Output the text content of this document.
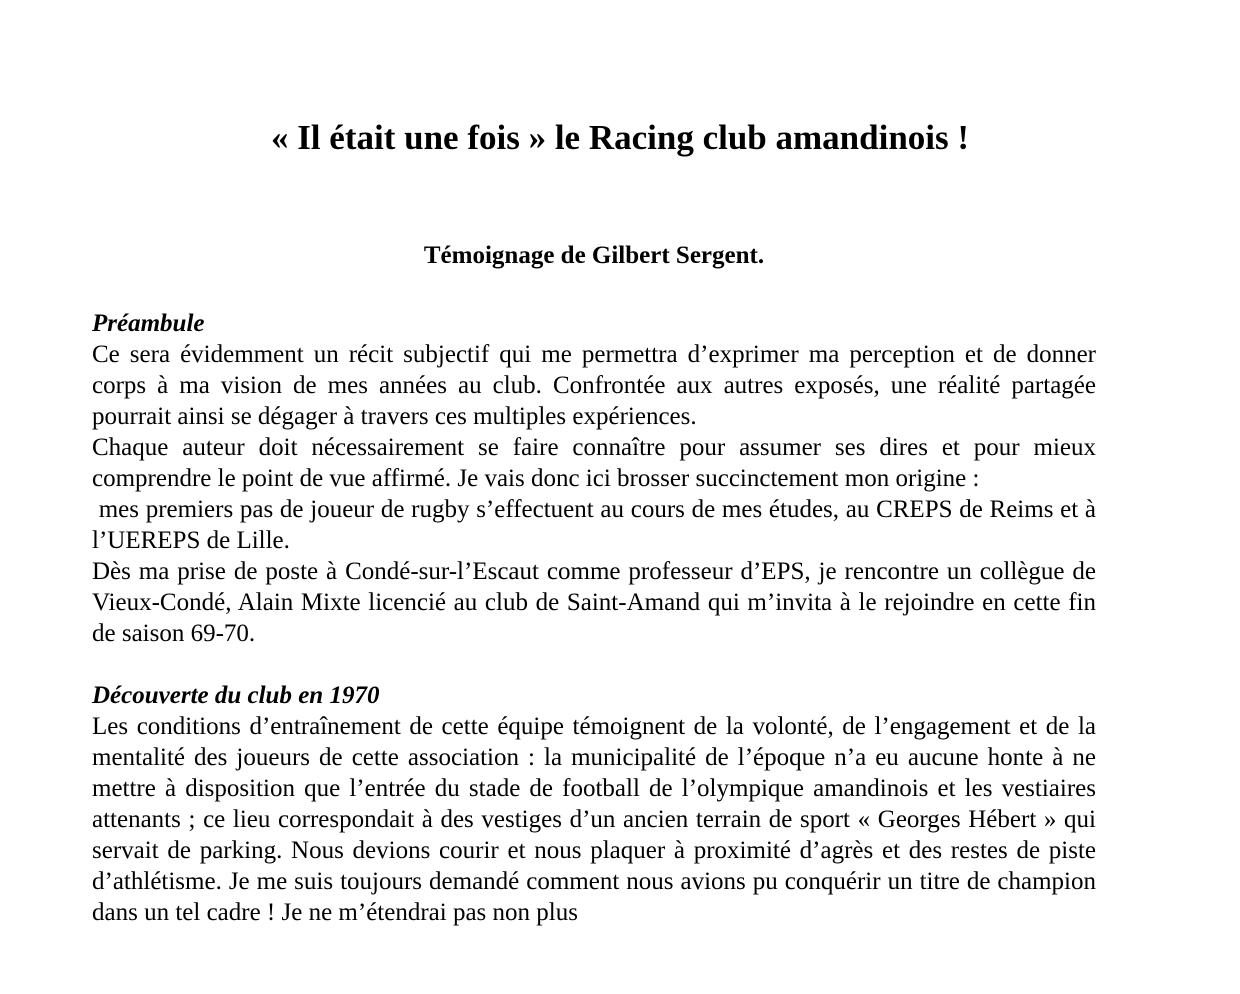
« Il était une fois » le Racing club amandinois !

Témoignage de Gilbert Sergent.

Préambule

Ce sera évidemment un récit subjectif qui me permettra d’exprimer ma perception et de donner corps à ma vision de mes années au club. Confrontée aux autres exposés, une réalité partagée pourrait ainsi se dégager à travers ces multiples expériences.

Chaque auteur doit nécessairement se faire connaître pour assumer ses dires et pour mieux comprendre le point de vue affirmé. Je vais donc ici brosser succinctement mon origine :

mes premiers pas de joueur de rugby s’effectuent au cours de mes études, au CREPS de Reims et à l’UEREPS de Lille.

Dès ma prise de poste à Condé-sur-l’Escaut comme professeur d’EPS, je rencontre un collègue de Vieux-Condé, Alain Mixte licencié au club de Saint-Amand qui m’invita à le rejoindre en cette fin de saison 69-70.

Découverte du club en 1970

Les conditions d’entraînement de cette équipe témoignent de la volonté, de l’engagement et de la mentalité des joueurs de cette association : la municipalité de l’époque n’a eu aucune honte à ne mettre à disposition que l’entrée du stade de football de l’olympique amandinois et les vestiaires attenants ; ce lieu correspondait à des vestiges d’un ancien terrain de sport « Georges Hébert » qui servait de parking. Nous devions courir et nous plaquer à proximité d’agrès et des restes de piste d’athlétisme. Je me suis toujours demandé comment nous avions pu conquérir un titre de champion dans un tel cadre ! Je ne m’étendrai pas non plus
